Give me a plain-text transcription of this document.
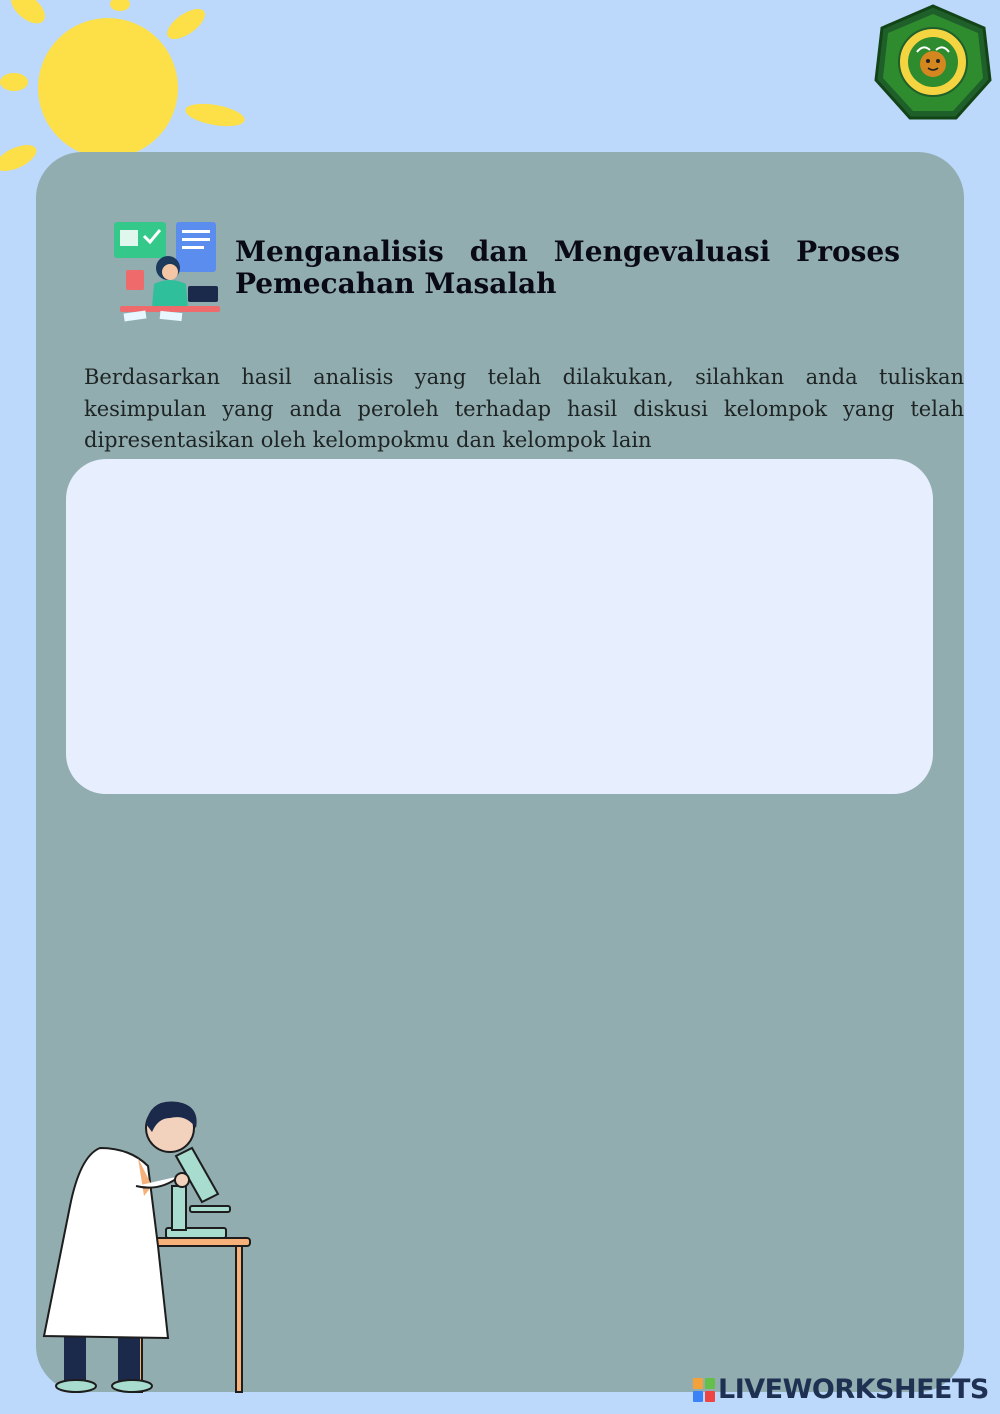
Menganalisis dan Mengevaluasi Proses Pemecahan Masalah

Berdasarkan hasil analisis yang telah dilakukan, silahkan anda tuliskan kesimpulan yang anda peroleh terhadap hasil diskusi kelompok yang telah dipresentasikan oleh kelompokmu dan kelompok lain

LIVEWORKSHEETS
